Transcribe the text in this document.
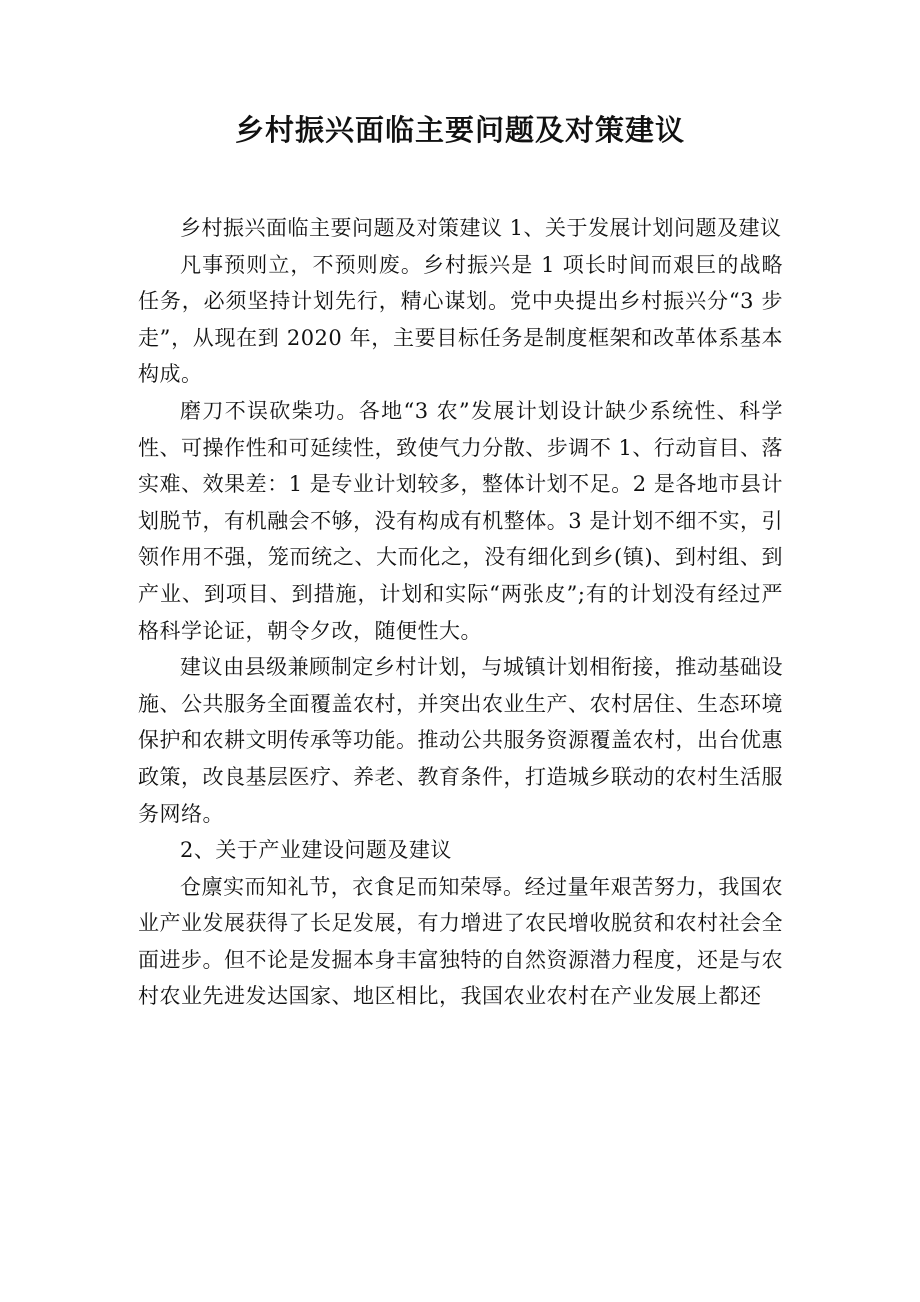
乡村振兴面临主要问题及对策建议

乡村振兴面临主要问题及对策建议 1、关于发展计划问题及建议

凡事预则立，不预则废。乡村振兴是 1 项长时间而艰巨的战略任务，必须坚持计划先行，精心谋划。党中央提出乡村振兴分“3 步走”，从现在到 2020 年，主要目标任务是制度框架和改革体系基本构成。

磨刀不误砍柴功。各地“3 农”发展计划设计缺少系统性、科学性、可操作性和可延续性，致使气力分散、步调不 1、行动盲目、落实难、效果差：1 是专业计划较多，整体计划不足。2 是各地市县计划脱节，有机融会不够，没有构成有机整体。3 是计划不细不实，引领作用不强，笼而统之、大而化之，没有细化到乡(镇)、到村组、到产业、到项目、到措施，计划和实际“两张皮”;有的计划没有经过严格科学论证，朝令夕改，随便性大。

建议由县级兼顾制定乡村计划，与城镇计划相衔接，推动基础设施、公共服务全面覆盖农村，并突出农业生产、农村居住、生态环境保护和农耕文明传承等功能。推动公共服务资源覆盖农村，出台优惠政策，改良基层医疗、养老、教育条件，打造城乡联动的农村生活服务网络。

2、关于产业建设问题及建议

仓廪实而知礼节，衣食足而知荣辱。经过量年艰苦努力，我国农业产业发展获得了长足发展，有力增进了农民增收脱贫和农村社会全面进步。但不论是发掘本身丰富独特的自然资源潜力程度，还是与农村农业先进发达国家、地区相比，我国农业农村在产业发展上都还
